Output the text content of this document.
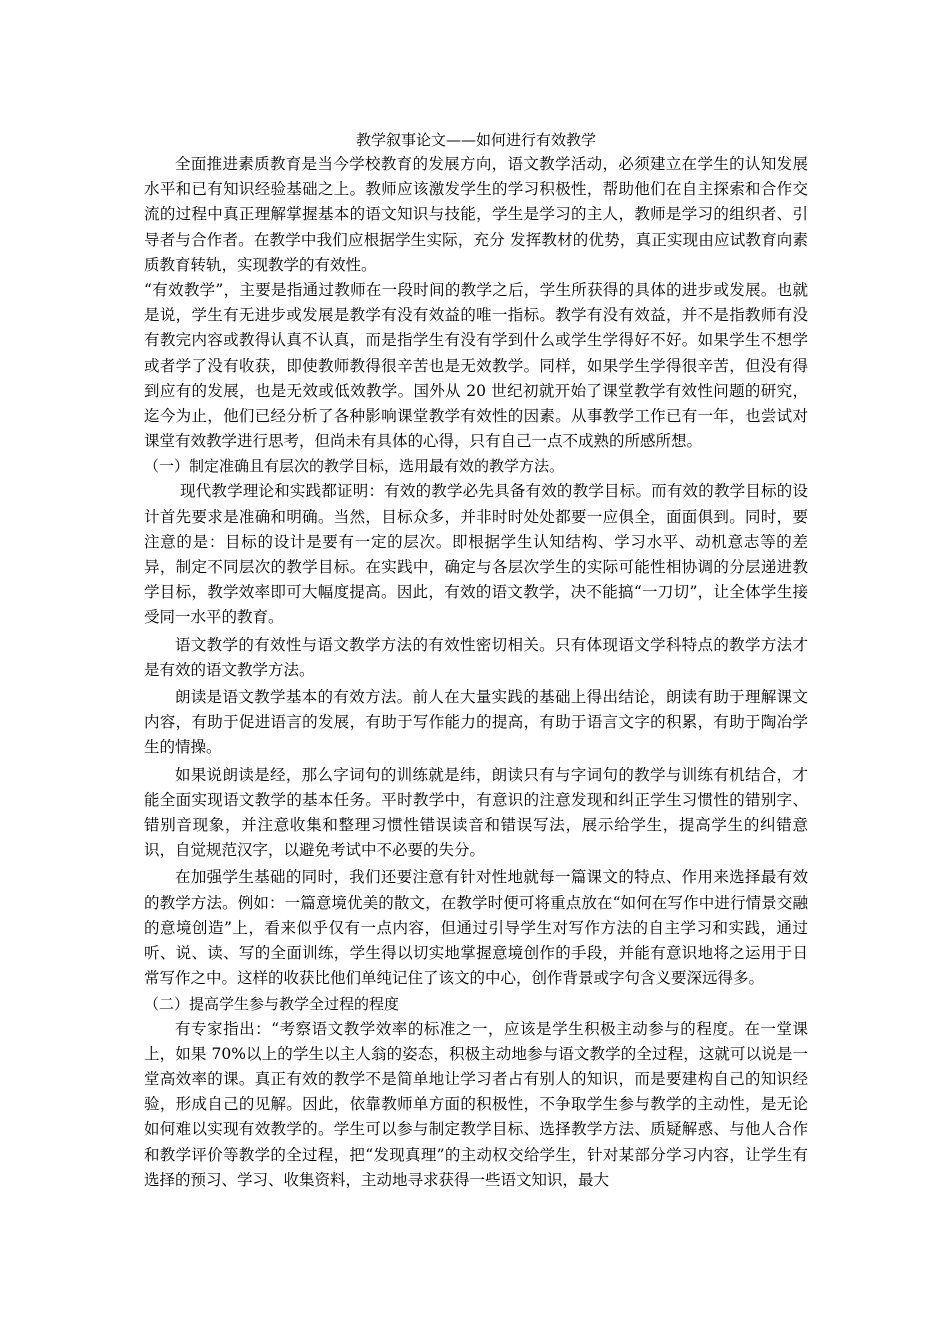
教学叙事论文——如何进行有效教学

全面推进素质教育是当今学校教育的发展方向，语文教学活动，必须建立在学生的认知发展水平和已有知识经验基础之上。教师应该激发学生的学习积极性，帮助他们在自主探索和合作交流的过程中真正理解掌握基本的语文知识与技能，学生是学习的主人，教师是学习的组织者、引导者与合作者。在教学中我们应根据学生实际，充分 发挥教材的优势，真正实现由应试教育向素质教育转轨，实现教学的有效性。

“有效教学”，主要是指通过教师在一段时间的教学之后，学生所获得的具体的进步或发展。也就是说，学生有无进步或发展是教学有没有效益的唯一指标。教学有没有效益，并不是指教师有没有教完内容或教得认真不认真，而是指学生有没有学到什么或学生学得好不好。如果学生不想学或者学了没有收获，即使教师教得很辛苦也是无效教学。同样，如果学生学得很辛苦，但没有得到应有的发展，也是无效或低效教学。国外从 20 世纪初就开始了课堂教学有效性问题的研究，迄今为止，他们已经分析了各种影响课堂教学有效性的因素。从事教学工作已有一年，也尝试对课堂有效教学进行思考，但尚未有具体的心得，只有自己一点不成熟的所感所想。

（一）制定准确且有层次的教学目标，选用最有效的教学方法。

现代教学理论和实践都证明：有效的教学必先具备有效的教学目标。而有效的教学目标的设计首先要求是准确和明确。当然，目标众多，并非时时处处都要一应俱全，面面俱到。同时，要注意的是：目标的设计是要有一定的层次。即根据学生认知结构、学习水平、动机意志等的差异，制定不同层次的教学目标。在实践中，确定与各层次学生的实际可能性相协调的分层递进教学目标，教学效率即可大幅度提高。因此，有效的语文教学，决不能搞“一刀切”，让全体学生接受同一水平的教育。

语文教学的有效性与语文教学方法的有效性密切相关。只有体现语文学科特点的教学方法才是有效的语文教学方法。

朗读是语文教学基本的有效方法。前人在大量实践的基础上得出结论，朗读有助于理解课文内容，有助于促进语言的发展，有助于写作能力的提高，有助于语言文字的积累，有助于陶冶学生的情操。

如果说朗读是经，那么字词句的训练就是纬，朗读只有与字词句的教学与训练有机结合，才能全面实现语文教学的基本任务。平时教学中，有意识的注意发现和纠正学生习惯性的错别字、错别音现象，并注意收集和整理习惯性错误读音和错误写法，展示给学生，提高学生的纠错意识，自觉规范汉字，以避免考试中不必要的失分。

在加强学生基础的同时，我们还要注意有针对性地就每一篇课文的特点、作用来选择最有效的教学方法。例如：一篇意境优美的散文，在教学时便可将重点放在“如何在写作中进行情景交融的意境创造”上，看来似乎仅有一点内容，但通过引导学生对写作方法的自主学习和实践，通过听、说、读、写的全面训练，学生得以切实地掌握意境创作的手段，并能有意识地将之运用于日常写作之中。这样的收获比他们单纯记住了该文的中心，创作背景或字句含义要深远得多。

（二）提高学生参与教学全过程的程度

有专家指出：“考察语文教学效率的标准之一，应该是学生积极主动参与的程度。在一堂课上，如果 70%以上的学生以主人翁的姿态，积极主动地参与语文教学的全过程，这就可以说是一堂高效率的课。真正有效的教学不是简单地让学习者占有别人的知识，而是要建构自己的知识经验，形成自己的见解。因此，依靠教师单方面的积极性，不争取学生参与教学的主动性，是无论如何难以实现有效教学的。学生可以参与制定教学目标、选择教学方法、质疑解惑、与他人合作和教学评价等教学的全过程，把“发现真理”的主动权交给学生，针对某部分学习内容，让学生有选择的预习、学习、收集资料，主动地寻求获得一些语文知识，最大
